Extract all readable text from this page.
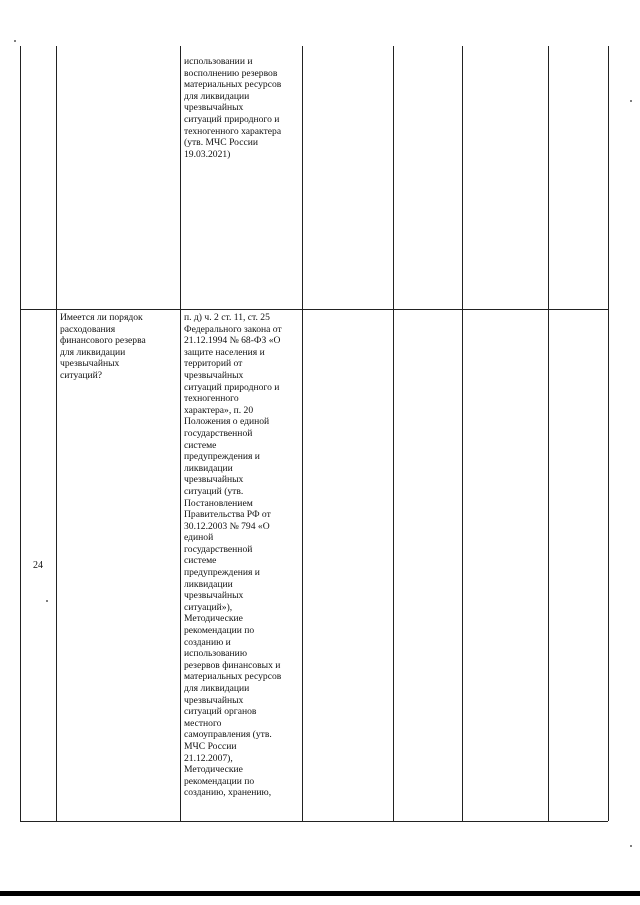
использовании и
восполнению резервов
материальных ресурсов
для ликвидации
чрезвычайных
ситуаций природного и
техногенного характера
(утв. МЧС России
19.03.2021)
24
Имеется ли порядок
расходования
финансового резерва
для ликвидации
чрезвычайных
ситуаций?
п. д) ч. 2 ст. 11, ст. 25
Федерального закона от
21.12.1994 № 68-ФЗ «О
защите населения и
территорий от
чрезвычайных
ситуаций природного и
техногенного
характера», п. 20
Положения о единой
государственной
системе
предупреждения и
ликвидации
чрезвычайных
ситуаций (утв.
Постановлением
Правительства РФ от
30.12.2003 № 794 «О
единой
государственной
системе
предупреждения и
ликвидации
чрезвычайных
ситуаций»),
Методические
рекомендации по
созданию и
использованию
резервов финансовых и
материальных ресурсов
для ликвидации
чрезвычайных
ситуаций органов
местного
самоуправления (утв.
МЧС России
21.12.2007),
Методические
рекомендации по
созданию, хранению,
